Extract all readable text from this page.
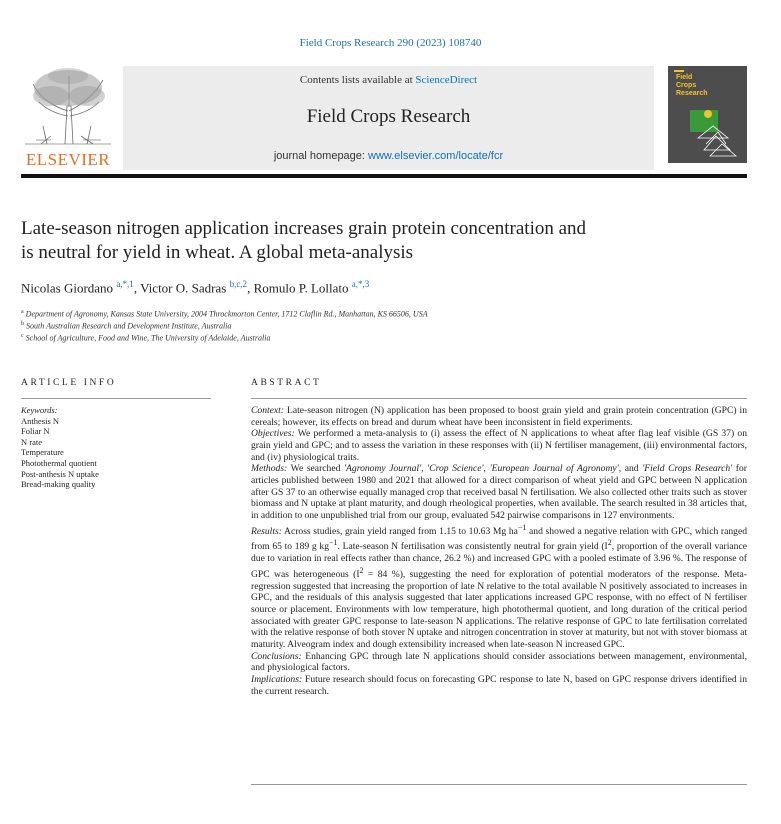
Field Crops Research 290 (2023) 108740
ELSEVIER
Contents lists available at ScienceDirect
Field Crops Research
journal homepage: www.elsevier.com/locate/fcr
Field
Crops
Research
Late-season nitrogen application increases grain protein concentration and
is neutral for yield in wheat. A global meta-analysis
Nicolas Giordano $^{a,*,1}$, Victor O. Sadras $^{b,c,2}$, Romulo P. Lollato $^{a,*,3}$
$^a$ Department of Agronomy, Kansas State University, 2004 Throckmorton Center, 1712 Claflin Rd., Manhattan, KS 66506, USA
$^b$ South Australian Research and Development Institute, Australia
$^c$ School of Agriculture, Food and Wine, The University of Adelaide, Australia
ARTICLE INFO	ABSTRACT
Keywords:
Anthesis N
Foliar N
N rate
Temperature
Photothermal quotient
Post-anthesis N uptake
Bread-making quality

Context: Late-season nitrogen (N) application has been proposed to boost grain yield and grain protein concentration (GPC) in cereals; however, its effects on bread and durum wheat have been inconsistent in field experiments.

Objectives: We performed a meta-analysis to (i) assess the effect of N applications to wheat after flag leaf visible (GS 37) on grain yield and GPC; and to assess the variation in these responses with (ii) N fertiliser management, (iii) environmental factors, and (iv) physiological traits.

Methods: We searched 'Agronomy Journal', 'Crop Science', 'European Journal of Agronomy', and 'Field Crops Research' for articles published between 1980 and 2021 that allowed for a direct comparison of wheat yield and GPC between N application after GS 37 to an otherwise equally managed crop that received basal N fertilisation. We also collected other traits such as stover biomass and N uptake at plant maturity, and dough rheological properties, when available. The search resulted in 38 articles that, in addition to one unpublished trial from our group, evaluated 542 pairwise comparisons in 127 environments.

Results: Across studies, grain yield ranged from 1.15 to 10.63 Mg $ha^{-1}$ and showed a negative relation with GPC, which ranged from 65 to 189 g $kg^{-1}$. Late-season N fertilisation was consistently neutral for grain yield ($I^2$, proportion of the overall variance due to variation in real effects rather than chance, 26.2 %) and increased GPC with a pooled estimate of 3.96 %. The response of GPC was heterogeneous ($I^2 = 84$ %), suggesting the need for exploration of potential moderators of the response. Meta-regression suggested that increasing the proportion of late N relative to the total available N positively associated to increases in GPC, and the residuals of this analysis suggested that later applications increased GPC response, with no effect of N fertiliser source or placement. Environments with low temperature, high photothermal quotient, and long duration of the critical period associated with greater GPC response to late-season N applications. The relative response of GPC to late fertilisation correlated with the relative response of both stover N uptake and nitrogen concentration in stover at maturity, but not with stover biomass at maturity. Alveogram index and dough extensibility increased when late-season N increased GPC.

Conclusions: Enhancing GPC through late N applications should consider associations between management, environmental, and physiological factors.

Implications: Future research should focus on forecasting GPC response to late N, based on GPC response drivers identified in the current research.
